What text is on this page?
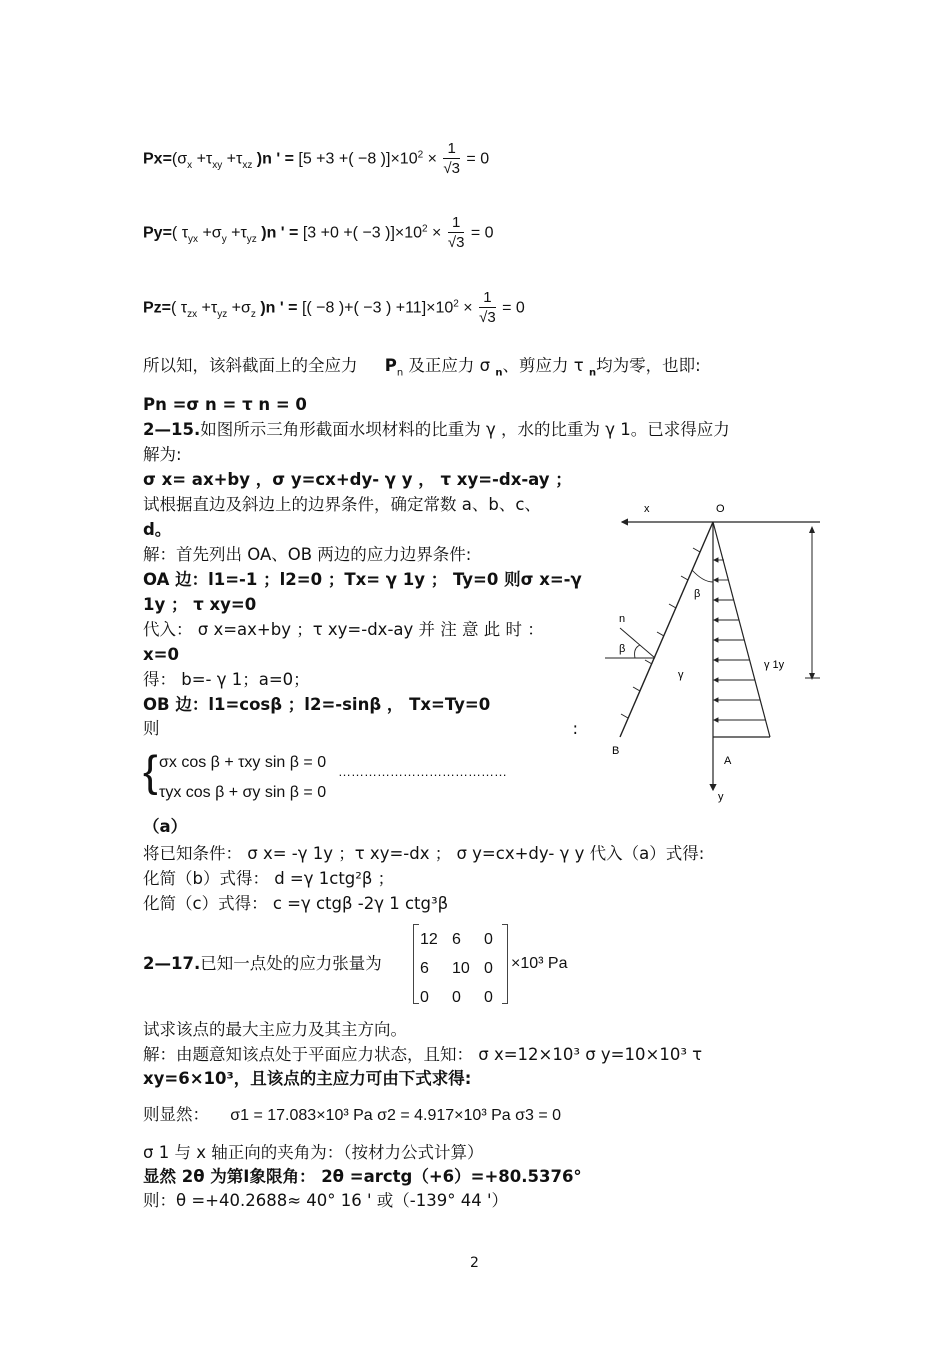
$Px=(\sigma_x +\tau_{xy} +\tau_{xz}$ )n ' = [5 +3 +( −8 )]$\times 10^2 \times \frac{1}{√3} = 0$
Py=( $\tau_{yx} +\sigma_y +\tau_{yz}$ )n ' = [3 +0 +( −3 )]$\times 10^2 \times \frac{1}{√3} = 0$
Pz=( $\tau_{zx} +\tau_{yz} +\sigma_z$ )n ' = [( −8 )+( −3 ) $+11]\times 10^2 \times \frac{1}{√3} = 0$
所以知，该斜截面上的全应力 $P_n$ 及正应力 σ $_n$、剪应力 τ $_n$均为零，也即:
Pn =σ n = τ n = 0
2—15.如图所示三角形截面水坝材料的比重为 γ ，水的比重为 γ 1。已求得应力
解为:
σ x= ax+by ，σ y=cx+dy- γ y ， τ xy=-dx-ay ；
试根据直边及斜边上的边界条件，确定常数 a、b、c、
d。
解：首先列出 OA、OB 两边的应力边界条件:
OA 边：l1=-1 ；l2=0 ；Tx= γ 1y ； Ty=0 则σ x=-γ
1y ； τ xy=0
代入： σ x=ax+by ；τ xy=-dx-ay 并 注 意 此 时 ：
x=0
得： b=- γ 1；a=0；
OB 边：l1=cosβ ；l2=-sinβ ， Tx=Ty=0
则	:
{ σx cos β + τxy sin β = 0
τyx cos β + σy sin β = 0
…………………………………
（a）
将已知条件： σ x= -γ 1y ；τ xy=-dx ； σ y=cx+dy- γ y 代入（a）式得:
化简（b）式得： d =γ 1ctg²β ；
化简（c）式得： c =γ ctgβ -2γ 1 ctg³β
2—17.已知一点处的应力张量为
12 6 0
6 10 0
0 0 0
×10³ Pa
试求该点的最大主应力及其主方向。
解：由题意知该点处于平面应力状态，且知： σ x=12×10³ σ y=10×10³ τ
xy=6×10³，且该点的主应力可由下式求得:
则显然： σ1 = 17.083×10³ Pa σ2 = 4.917×10³ Pa σ3 = 0
σ 1 与 x 轴正向的夹角为：（按材力公式计算）
显然 2θ 为第Ⅰ象限角： 2θ =arctg（+6）=+80.5376°
则：θ =+40.2688≈ 40° 16 ' 或（-139° 44 '）
2
x	O
n
β
β
γ
γ 1y
B
A
y
